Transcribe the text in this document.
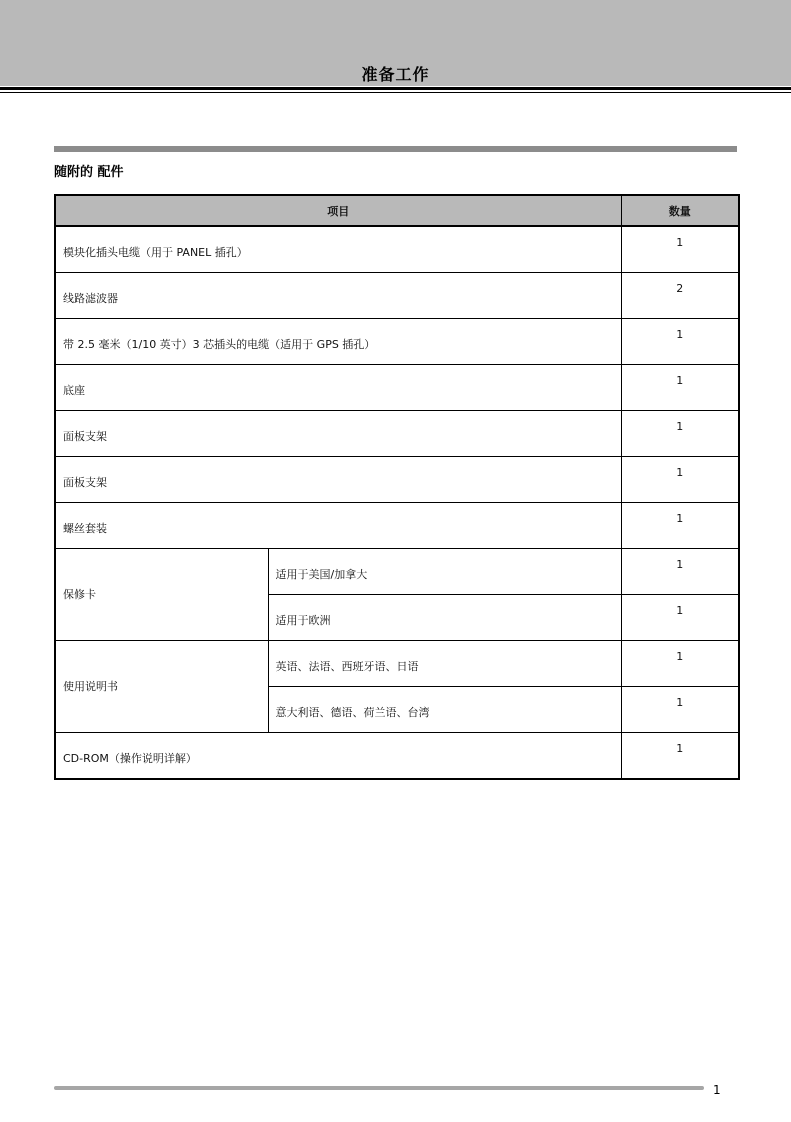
准备工作
随附的 配件
项目		数量
模块化插头电缆（用于 PANEL 插孔）		1
线路滤波器		2
带 2.5 毫米（1/10 英寸）3 芯插头的电缆（适用于 GPS 插孔）		1
底座		1
面板支架		1
面板支架		1
螺丝套装		1
保修卡	适用于美国/加拿大	1
	适用于欧洲	1
使用说明书	英语、法语、西班牙语、日语	1
	意大利语、德语、荷兰语、台湾	1
CD-ROM（操作说明详解）		1
1
